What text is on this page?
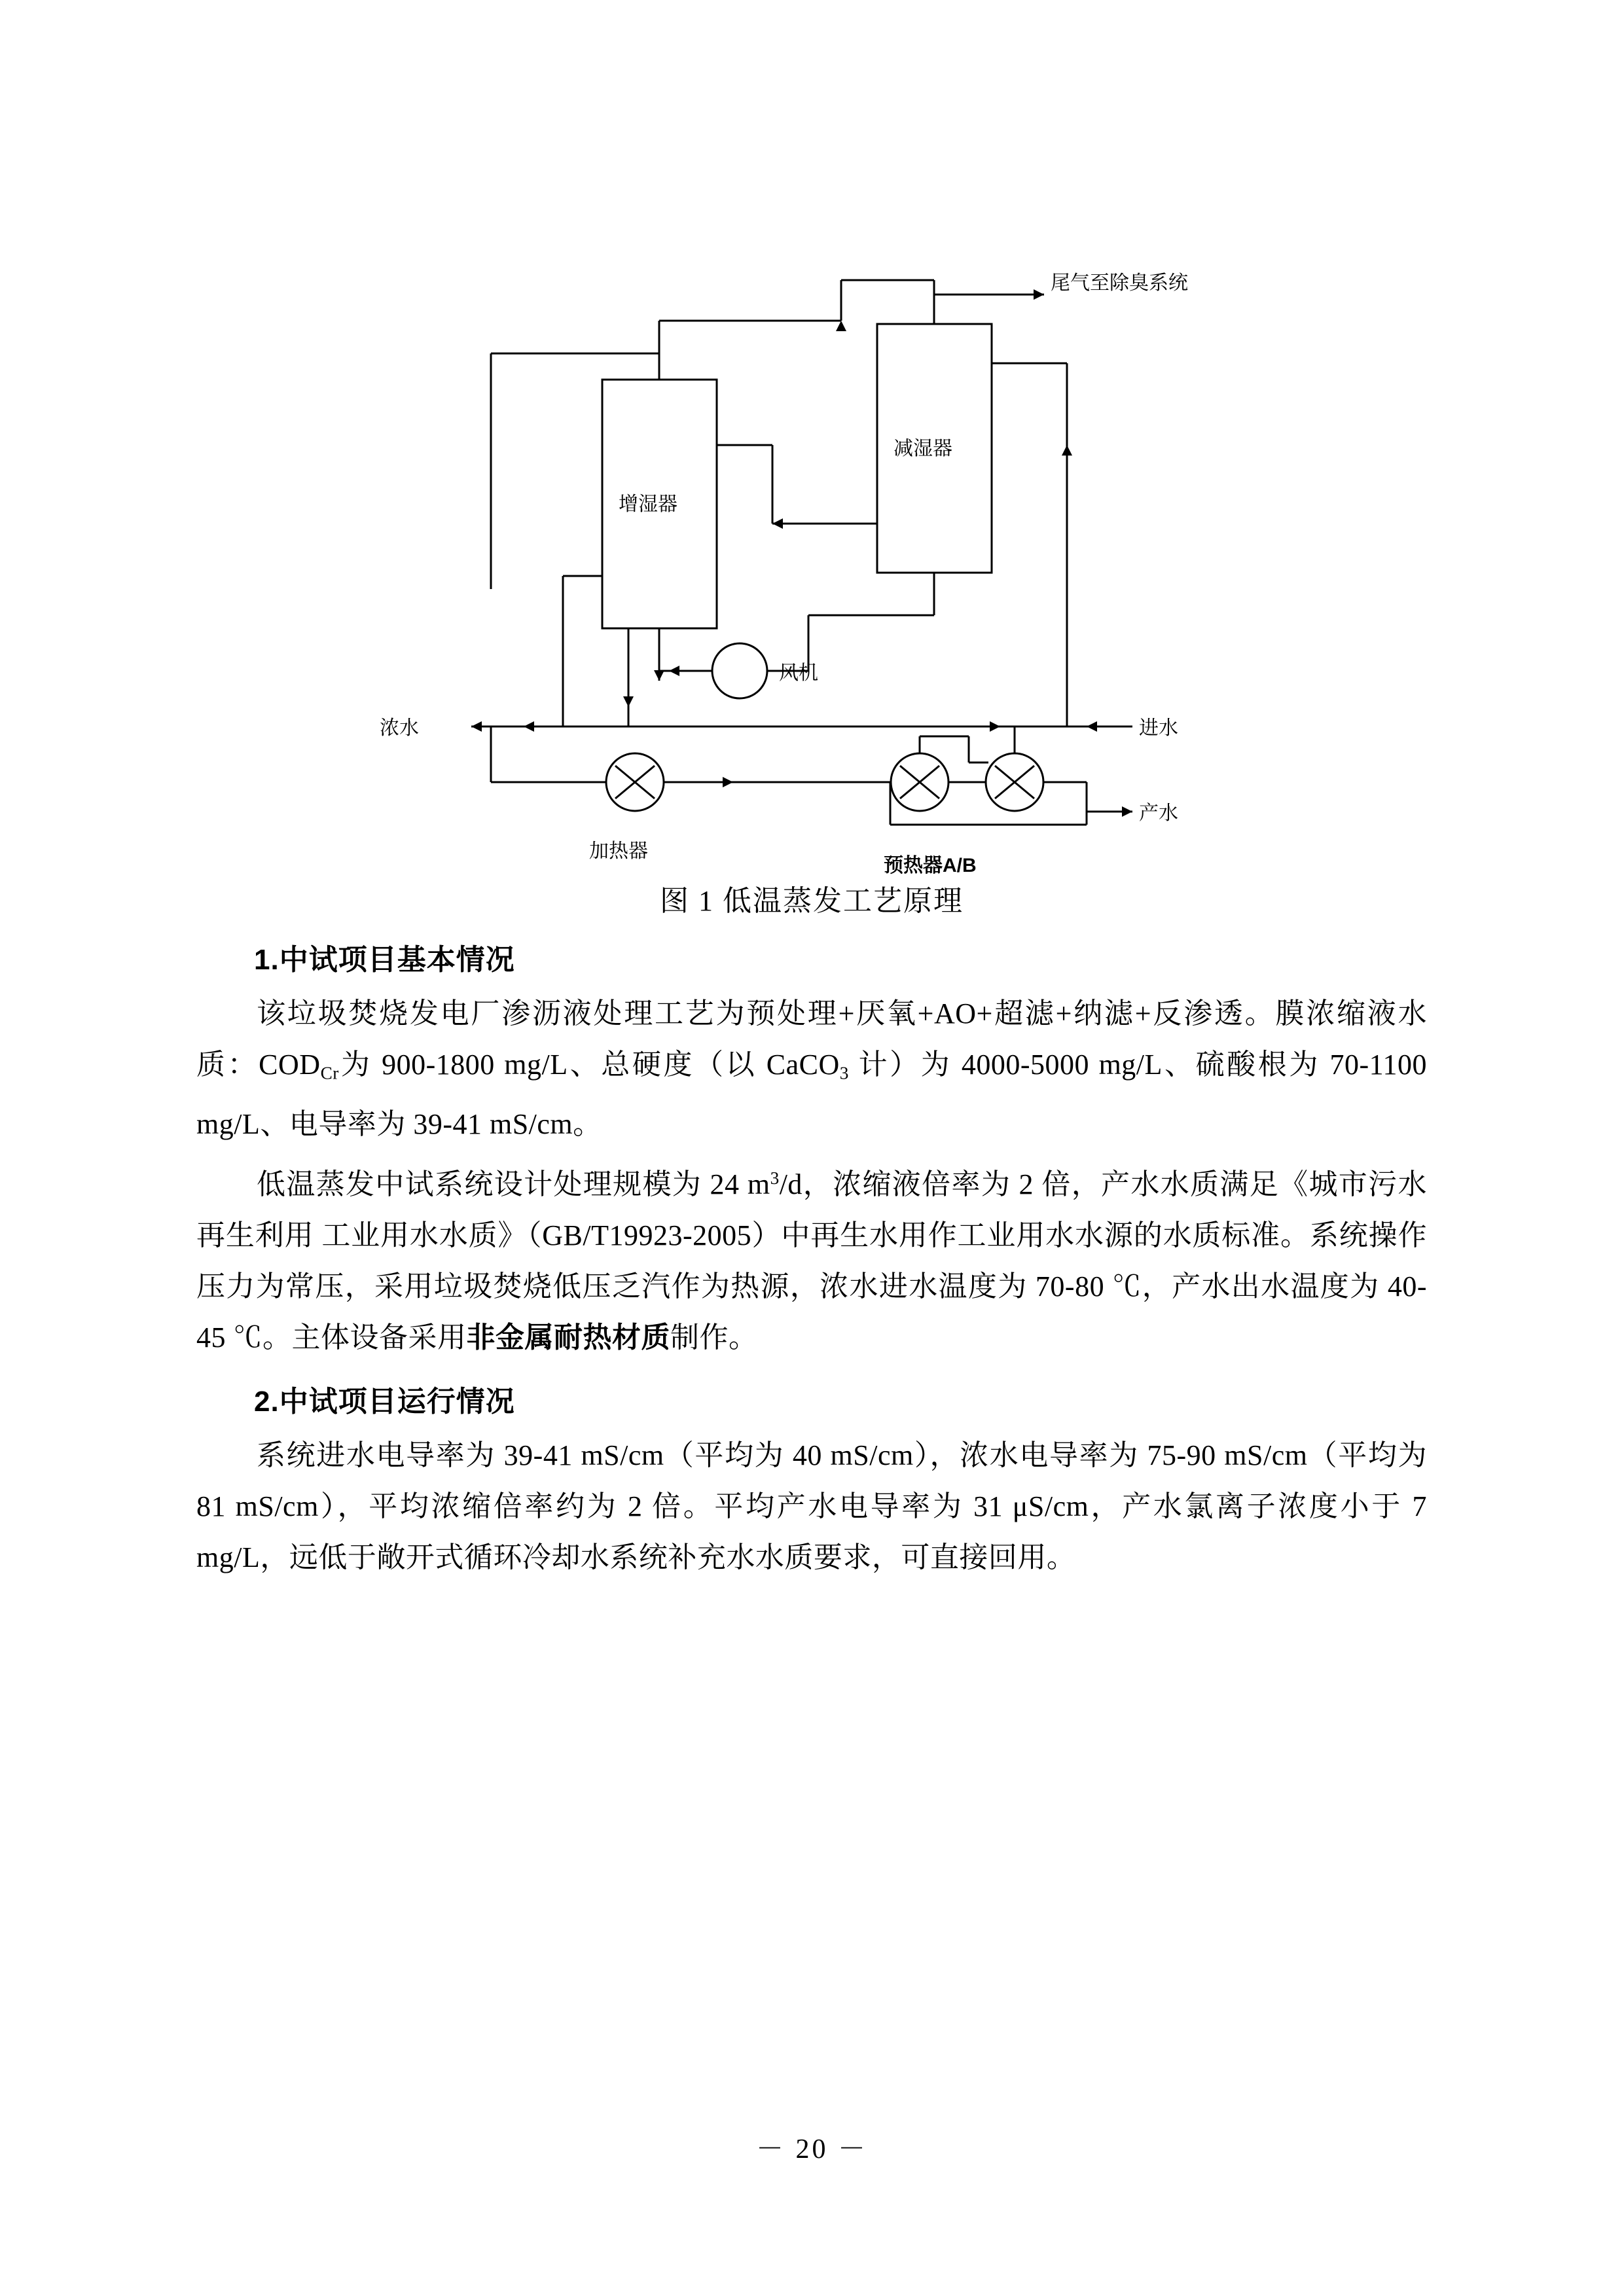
尾气至除臭系统
增湿器
减湿器
风机
浓水	进水
加热器
预热器A/B
产水
图 1 低温蒸发工艺原理
1.中试项目基本情况

该垃圾焚烧发电厂渗沥液处理工艺为预处理+厌氧+AO+超滤+纳滤+反渗透。膜浓缩液水质：$COD_{Cr}$为 900-1800 mg/L、总硬度（以 CaCO$_3$ 计）为 4000-5000 mg/L、硫酸根为 70-1100 mg/L、电导率为 39-41 mS/cm。

低温蒸发中试系统设计处理规模为 24 $m^3/d$，浓缩液倍率为 2 倍，产水水质满足《城市污水再生利用 工业用水水质》（GB/T19923-2005）中再生水用作工业用水水源的水质标准。系统操作压力为常压，采用垃圾焚烧低压乏汽作为热源，浓水进水温度为 70-80 ℃，产水出水温度为 40-45 ℃。主体设备采用非金属耐热材质制作。

2.中试项目运行情况

系统进水电导率为 39-41 mS/cm（平均为 40 mS/cm），浓水电导率为 75-90 mS/cm（平均为 81 mS/cm），平均浓缩倍率约为 2 倍。平均产水电导率为 31 μS/cm，产水氯离子浓度小于 7 mg/L，远低于敞开式循环冷却水系统补充水水质要求，可直接回用。

－ 20 －
